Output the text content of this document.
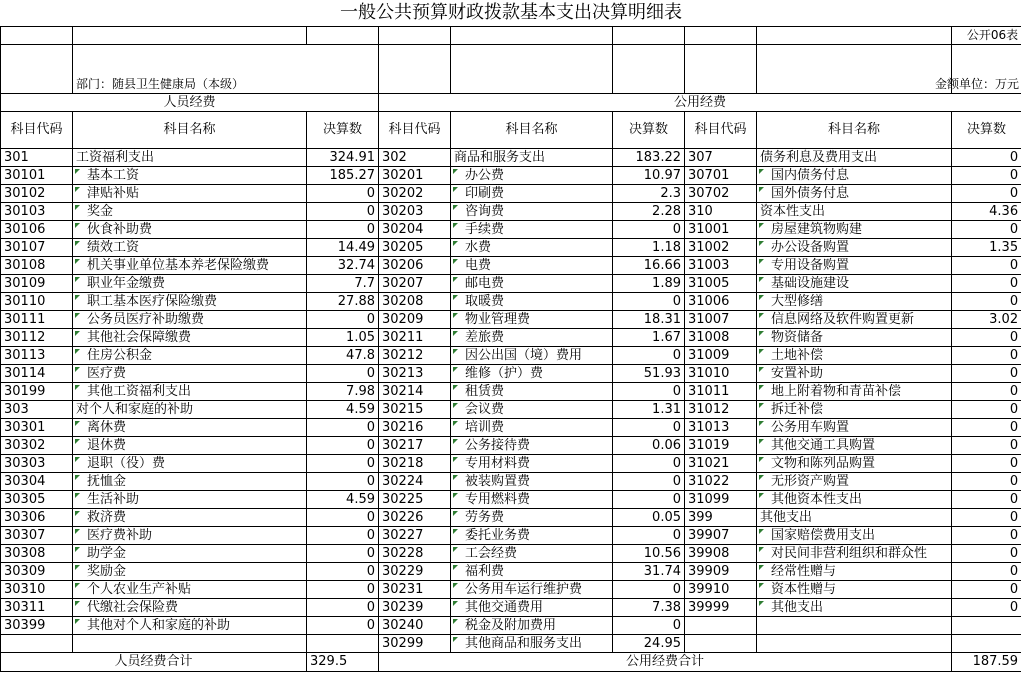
一般公共预算财政拨款基本支出决算明细表								
								公开06表
	部门：随县卫生健康局（本级）							金额单位：万元
人员经费			公用经费					
科目代码	科目名称	决算数	科目代码	科目名称	决算数	科目代码	科目名称	决算数
301	工资福利支出	324.91	302	商品和服务支出	183.22	307	债务利息及费用支出	0
30101	基本工资	185.27	30201	办公费	10.97	30701	国内债务付息	0
30102	津贴补贴	0	30202	印刷费	2.3	30702	国外债务付息	0
30103	奖金	0	30203	咨询费	2.28	310	资本性支出	4.36
30106	伙食补助费	0	30204	手续费	0	31001	房屋建筑物购建	0
30107	绩效工资	14.49	30205	水费	1.18	31002	办公设备购置	1.35
30108	机关事业单位基本养老保险缴费	32.74	30206	电费	16.66	31003	专用设备购置	0
30109	职业年金缴费	7.7	30207	邮电费	1.89	31005	基础设施建设	0
30110	职工基本医疗保险缴费	27.88	30208	取暖费	0	31006	大型修缮	0
30111	公务员医疗补助缴费	0	30209	物业管理费	18.31	31007	信息网络及软件购置更新	3.02
30112	其他社会保障缴费	1.05	30211	差旅费	1.67	31008	物资储备	0
30113	住房公积金	47.8	30212	因公出国（境）费用	0	31009	土地补偿	0
30114	医疗费	0	30213	维修（护）费	51.93	31010	安置补助	0
30199	其他工资福利支出	7.98	30214	租赁费	0	31011	地上附着物和青苗补偿	0
303	对个人和家庭的补助	4.59	30215	会议费	1.31	31012	拆迁补偿	0
30301	离休费	0	30216	培训费	0	31013	公务用车购置	0
30302	退休费	0	30217	公务接待费	0.06	31019	其他交通工具购置	0
30303	退职（役）费	0	30218	专用材料费	0	31021	文物和陈列品购置	0
30304	抚恤金	0	30224	被装购置费	0	31022	无形资产购置	0
30305	生活补助	4.59	30225	专用燃料费	0	31099	其他资本性支出	0
30306	救济费	0	30226	劳务费	0.05	399	其他支出	0
30307	医疗费补助	0	30227	委托业务费	0	39907	国家赔偿费用支出	0
30308	助学金	0	30228	工会经费	10.56	39908	对民间非营利组织和群众性	0
30309	奖励金	0	30229	福利费	31.74	39909	经常性赠与	0
30310	个人农业生产补贴	0	30231	公务用车运行维护费	0	39910	资本性赠与	0
30311	代缴社会保险费	0	30239	其他交通费用	7.38	39999	其他支出	0
30399	其他对个人和家庭的补助	0	30240	税金及附加费用	0			
			30299	其他商品和服务支出	24.95			
人员经费合计		329.5	公用经费合计					187.59
